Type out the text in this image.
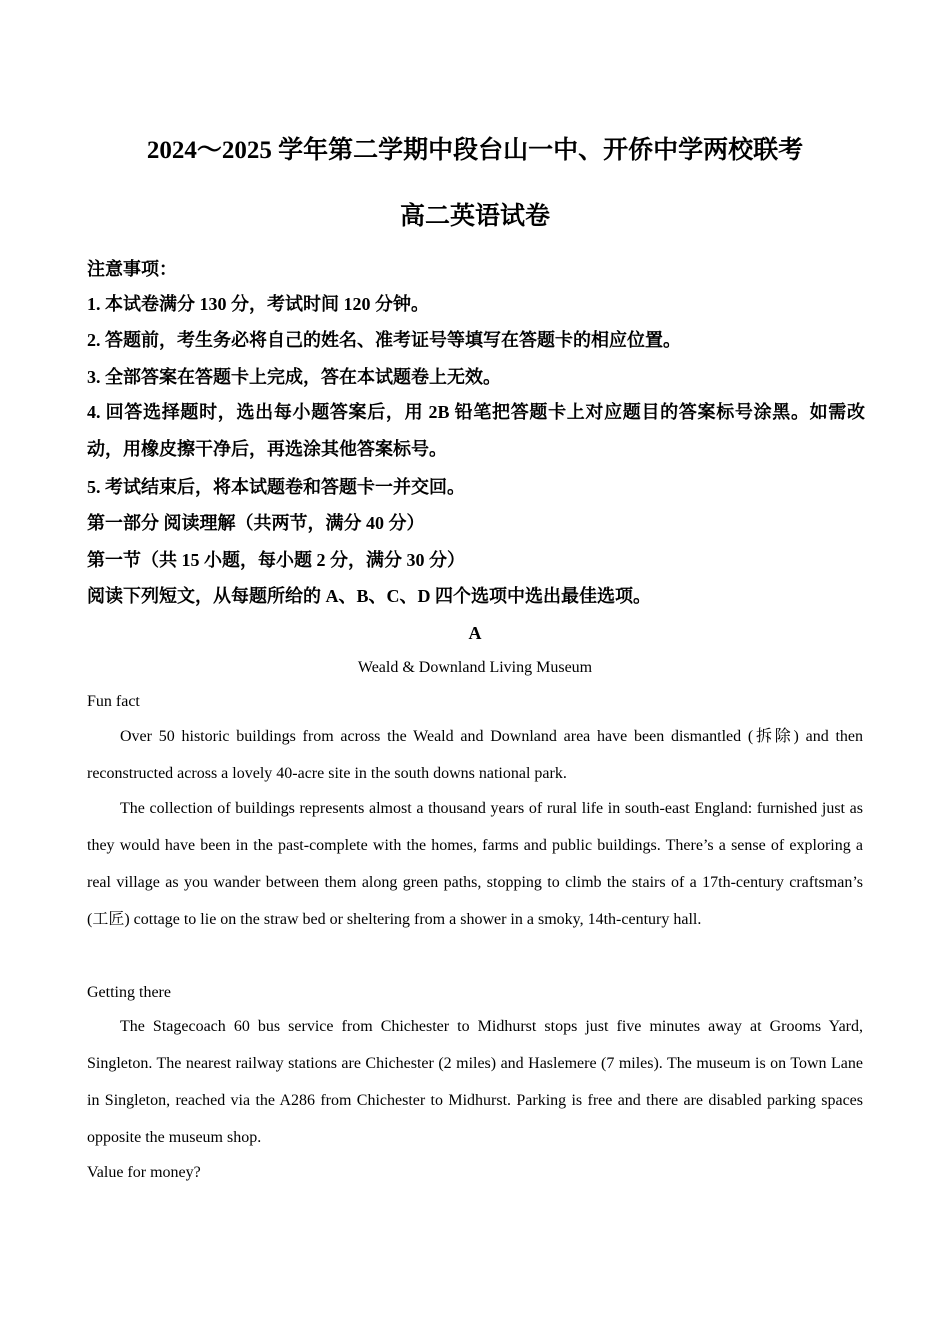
2024～2025 学年第二学期中段台山一中、开侨中学两校联考
高二英语试卷
注意事项：
1. 本试卷满分 130 分，考试时间 120 分钟。
2. 答题前，考生务必将自己的姓名、准考证号等填写在答题卡的相应位置。
3. 全部答案在答题卡上完成，答在本试题卷上无效。
4. 回答选择题时，选出每小题答案后，用 2B 铅笔把答题卡上对应题目的答案标号涂黑。如需改动，用橡皮擦干净后，再选涂其他答案标号。
5. 考试结束后，将本试题卷和答题卡一并交回。
第一部分 阅读理解（共两节，满分 40 分）
第一节（共 15 小题，每小题 2 分，满分 30 分）
阅读下列短文，从每题所给的 A、B、C、D 四个选项中选出最佳选项。
A
Weald & Downland Living Museum
Fun fact
Over 50 historic buildings from across the Weald and Downland area have been dismantled (拆除) and then reconstructed across a lovely 40-acre site in the south downs national park.
The collection of buildings represents almost a thousand years of rural life in south-east England: furnished just as they would have been in the past-complete with the homes, farms and public buildings. There’s a sense of exploring a real village as you wander between them along green paths, stopping to climb the stairs of a 17th-century craftsman’s (工匠) cottage to lie on the straw bed or sheltering from a shower in a smoky, 14th-century hall.
Getting there
The Stagecoach 60 bus service from Chichester to Midhurst stops just five minutes away at Grooms Yard, Singleton. The nearest railway stations are Chichester (2 miles) and Haslemere (7 miles). The museum is on Town Lane in Singleton, reached via the A286 from Chichester to Midhurst. Parking is free and there are disabled parking spaces opposite the museum shop.
Value for money?
